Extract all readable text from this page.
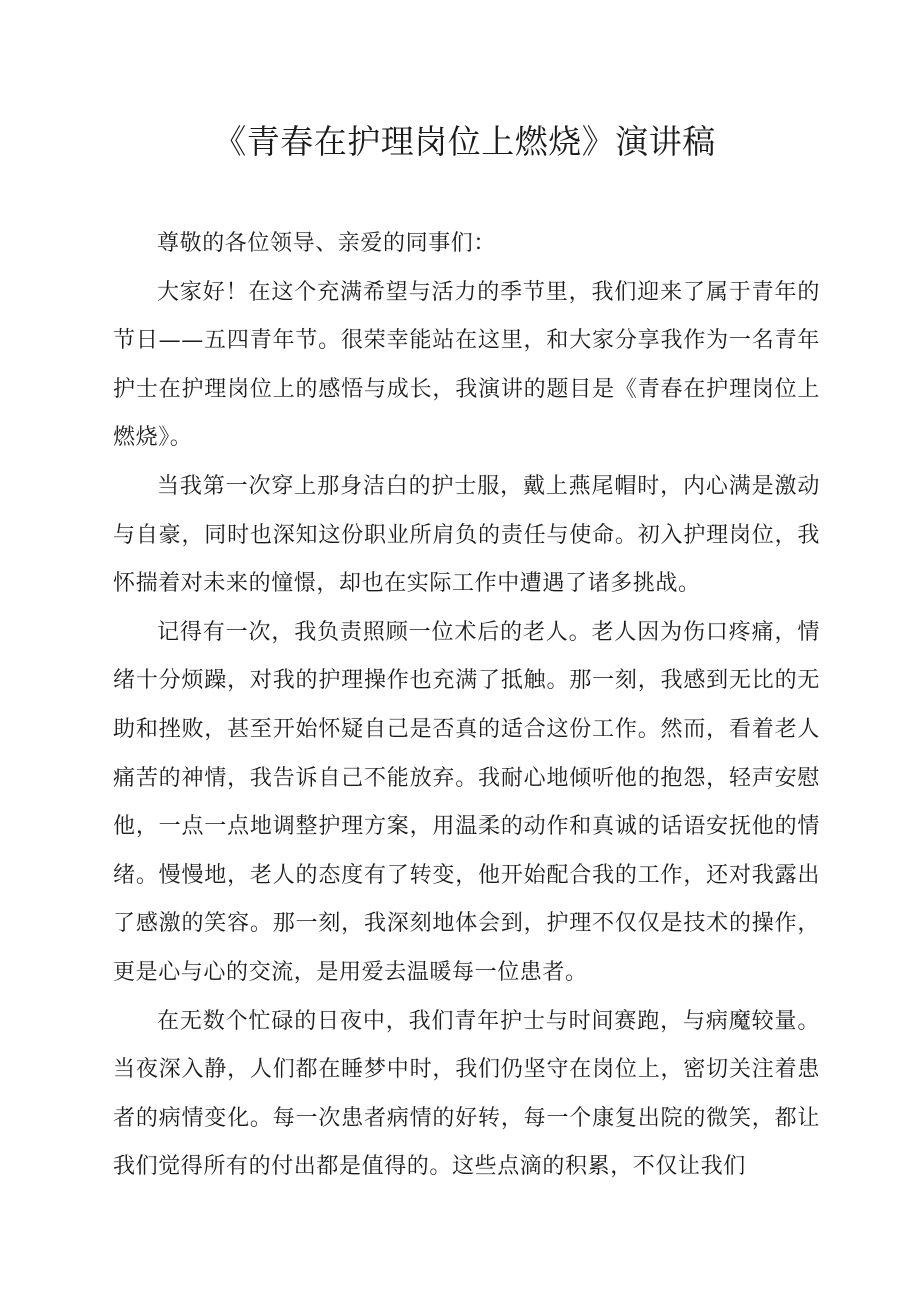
《青春在护理岗位上燃烧》演讲稿

尊敬的各位领导、亲爱的同事们：

大家好！在这个充满希望与活力的季节里，我们迎来了属于青年的节日——五四青年节。很荣幸能站在这里，和大家分享我作为一名青年护士在护理岗位上的感悟与成长，我演讲的题目是《青春在护理岗位上燃烧》。

当我第一次穿上那身洁白的护士服，戴上燕尾帽时，内心满是激动与自豪，同时也深知这份职业所肩负的责任与使命。初入护理岗位，我怀揣着对未来的憧憬，却也在实际工作中遭遇了诸多挑战。

记得有一次，我负责照顾一位术后的老人。老人因为伤口疼痛，情绪十分烦躁，对我的护理操作也充满了抵触。那一刻，我感到无比的无助和挫败，甚至开始怀疑自己是否真的适合这份工作。然而，看着老人痛苦的神情，我告诉自己不能放弃。我耐心地倾听他的抱怨，轻声安慰他，一点一点地调整护理方案，用温柔的动作和真诚的话语安抚他的情绪。慢慢地，老人的态度有了转变，他开始配合我的工作，还对我露出了感激的笑容。那一刻，我深刻地体会到，护理不仅仅是技术的操作，更是心与心的交流，是用爱去温暖每一位患者。

在无数个忙碌的日夜中，我们青年护士与时间赛跑，与病魔较量。当夜深入静，人们都在睡梦中时，我们仍坚守在岗位上，密切关注着患者的病情变化。每一次患者病情的好转，每一个康复出院的微笑，都让我们觉得所有的付出都是值得的。这些点滴的积累，不仅让我们
